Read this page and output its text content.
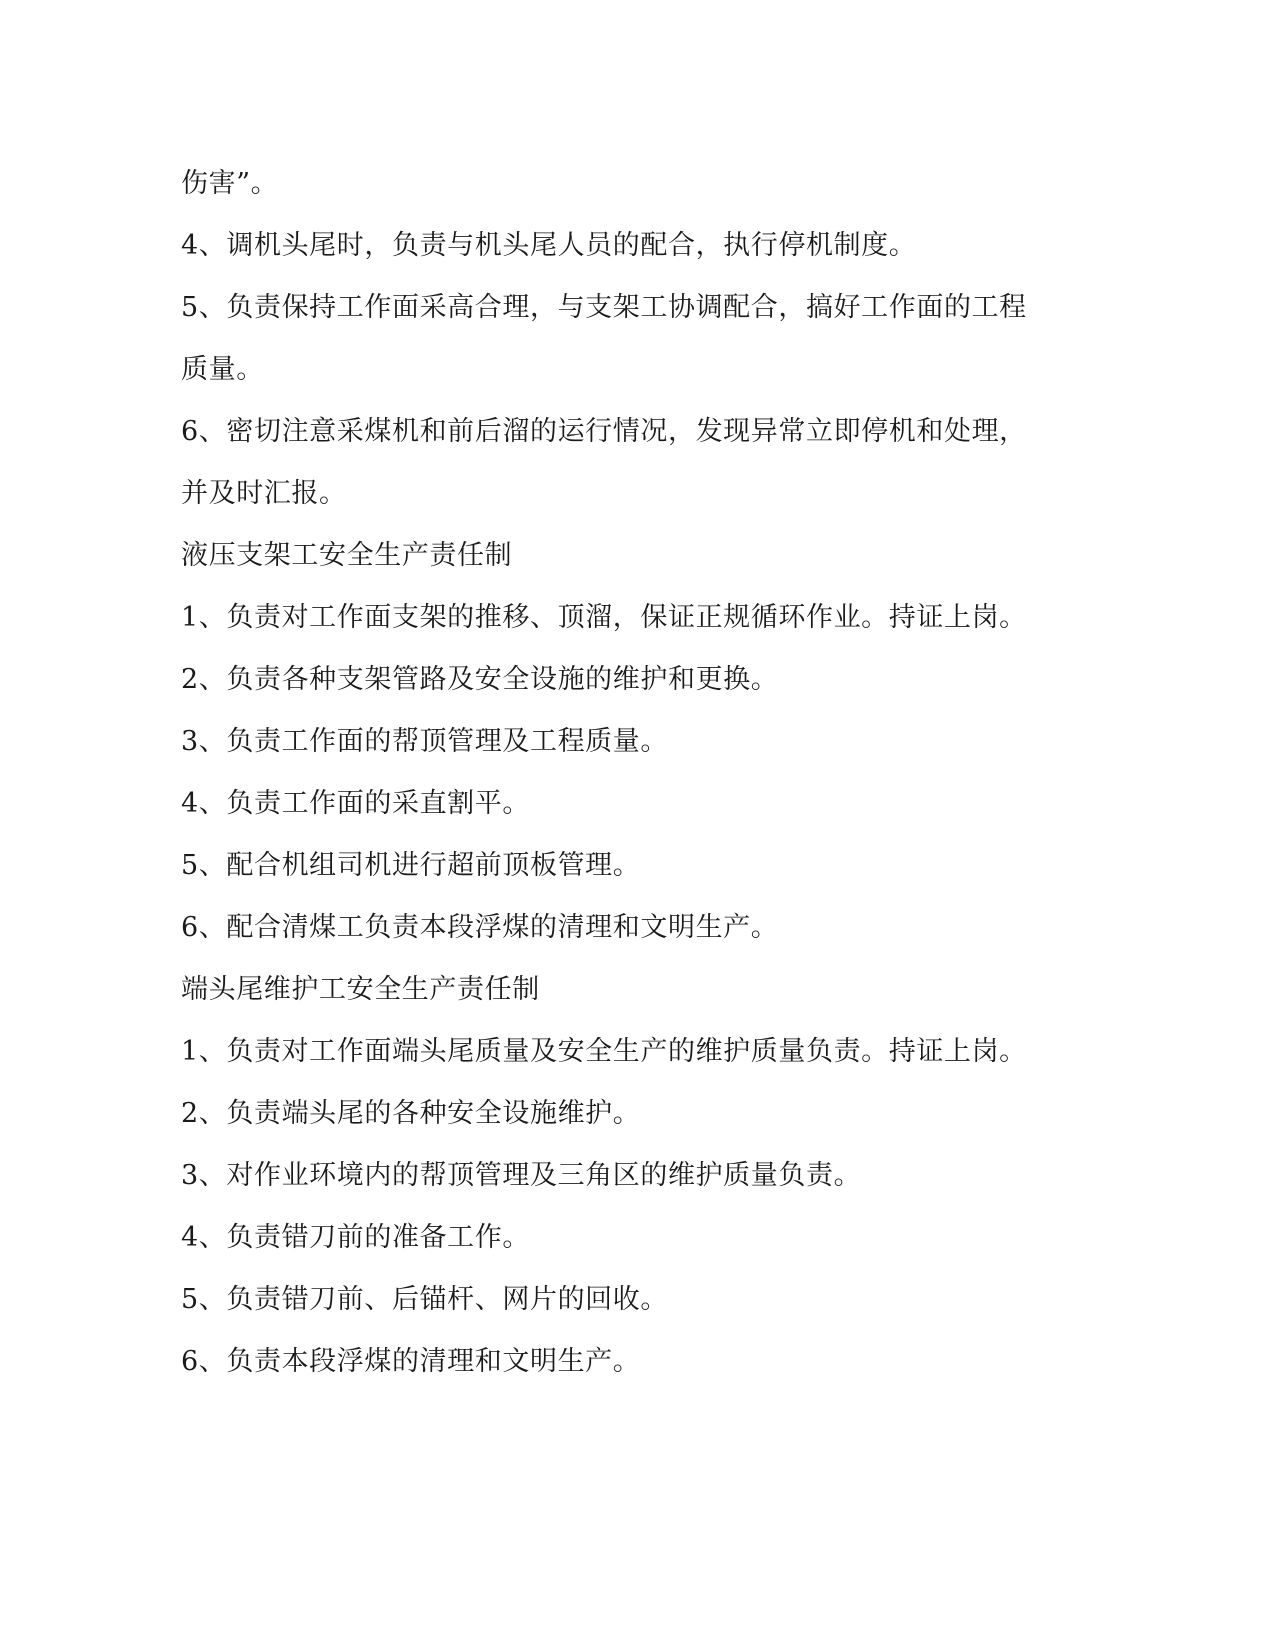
伤害”。
4、调机头尾时，负责与机头尾人员的配合，执行停机制度。
5、负责保持工作面采高合理，与支架工协调配合，搞好工作面的工程
质量。
6、密切注意采煤机和前后溜的运行情况，发现异常立即停机和处理，
并及时汇报。
液压支架工安全生产责任制
1、负责对工作面支架的推移、顶溜，保证正规循环作业。持证上岗。
2、负责各种支架管路及安全设施的维护和更换。
3、负责工作面的帮顶管理及工程质量。
4、负责工作面的采直割平。
5、配合机组司机进行超前顶板管理。
6、配合清煤工负责本段浮煤的清理和文明生产。
端头尾维护工安全生产责任制
1、负责对工作面端头尾质量及安全生产的维护质量负责。持证上岗。
2、负责端头尾的各种安全设施维护。
3、对作业环境内的帮顶管理及三角区的维护质量负责。
4、负责错刀前的准备工作。
5、负责错刀前、后锚杆、网片的回收。
6、负责本段浮煤的清理和文明生产。
